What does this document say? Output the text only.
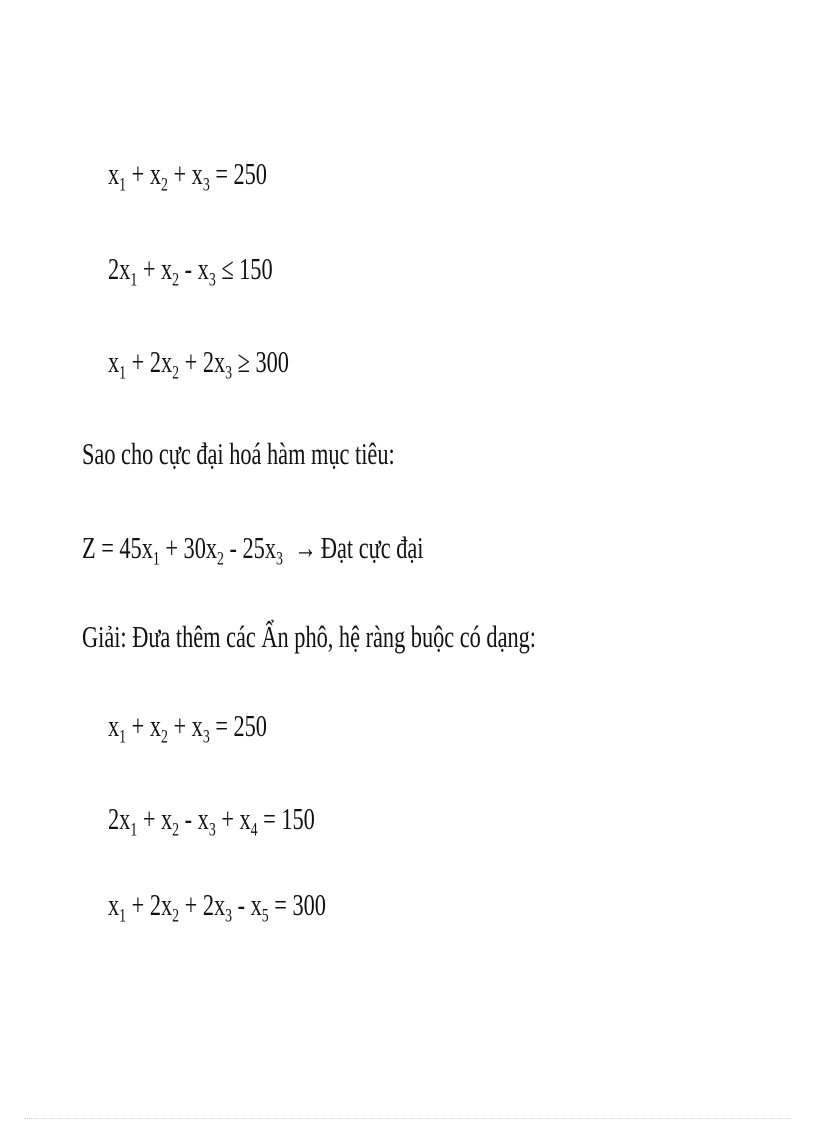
$x_1 + x_2 + x_3 = 250$
$2x_1 + x_2 - x_3 \le 150$
$x_1 + 2x_2 + 2x_3 \ge 300$
Sao cho cực đại hoá hàm mục tiêu:
$Z = 45x_1 + 30x_2 - 25x_3$ → Đạt cực đại
Giải: Đưa thêm các Ẩn phô, hệ ràng buộc có dạng:
$x_1 + x_2 + x_3 = 250$
$2x_1 + x_2 - x_3 + x_4 = 150$
$x_1 + 2x_2 + 2x_3 - x_5 = 300$
